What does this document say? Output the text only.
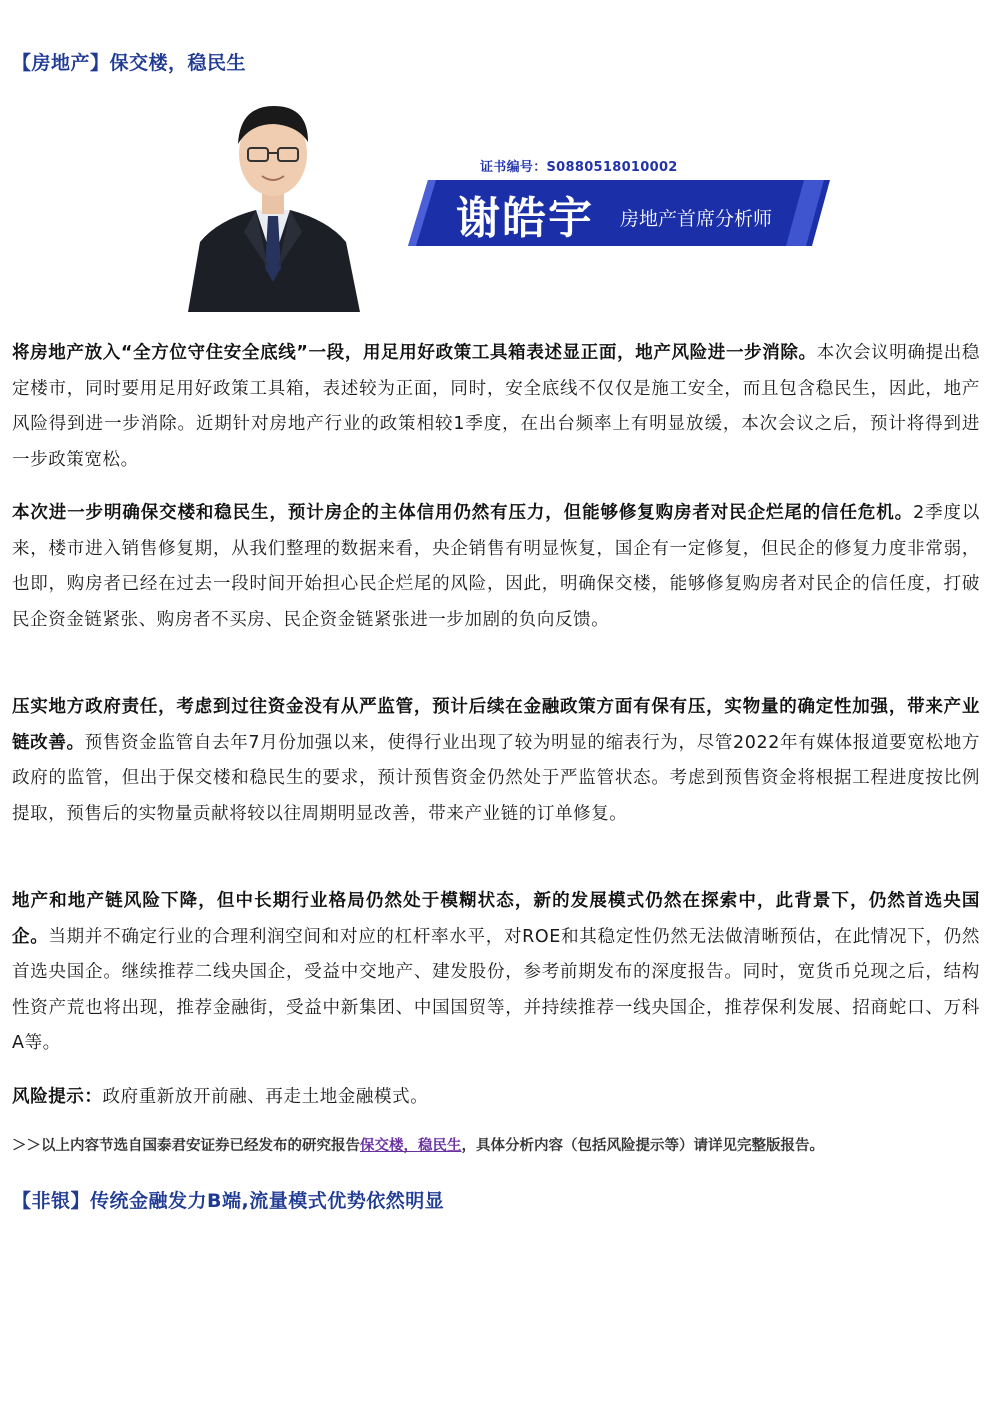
【房地产】保交楼，稳民生
证书编号：S0880518010002
谢皓宇 房地产首席分析师

将房地产放入“全方位守住安全底线”一段，用足用好政策工具箱表述显正面，地产风险进一步消除。本次会议明确提出稳定楼市，同时要用足用好政策工具箱，表述较为正面，同时，安全底线不仅仅是施工安全，而且包含稳民生，因此，地产风险得到进一步消除。近期针对房地产行业的政策相较1季度，在出台频率上有明显放缓，本次会议之后，预计将得到进一步政策宽松。

本次进一步明确保交楼和稳民生，预计房企的主体信用仍然有压力，但能够修复购房者对民企烂尾的信任危机。2季度以来，楼市进入销售修复期，从我们整理的数据来看，央企销售有明显恢复，国企有一定修复，但民企的修复力度非常弱，也即，购房者已经在过去一段时间开始担心民企烂尾的风险，因此，明确保交楼，能够修复购房者对民企的信任度，打破民企资金链紧张、购房者不买房、民企资金链紧张进一步加剧的负向反馈。

压实地方政府责任，考虑到过往资金没有从严监管，预计后续在金融政策方面有保有压，实物量的确定性加强，带来产业链改善。预售资金监管自去年7月份加强以来，使得行业出现了较为明显的缩表行为，尽管2022年有媒体报道要宽松地方政府的监管，但出于保交楼和稳民生的要求，预计预售资金仍然处于严监管状态。考虑到预售资金将根据工程进度按比例提取，预售后的实物量贡献将较以往周期明显改善，带来产业链的订单修复。

地产和地产链风险下降，但中长期行业格局仍然处于模糊状态，新的发展模式仍然在探索中，此背景下，仍然首选央国企。当期并不确定行业的合理利润空间和对应的杠杆率水平，对ROE和其稳定性仍然无法做清晰预估，在此情况下，仍然首选央国企。继续推荐二线央国企，受益中交地产、建发股份，参考前期发布的深度报告。同时，宽货币兑现之后，结构性资产荒也将出现，推荐金融街，受益中新集团、中国国贸等，并持续推荐一线央国企，推荐保利发展、招商蛇口、万科A等。

风险提示：政府重新放开前融、再走土地金融模式。

＞＞以上内容节选自国泰君安证券已经发布的研究报告保交楼，稳民生，具体分析内容（包括风险提示等）请详见完整版报告。

【非银】传统金融发力B端,流量模式优势依然明显
